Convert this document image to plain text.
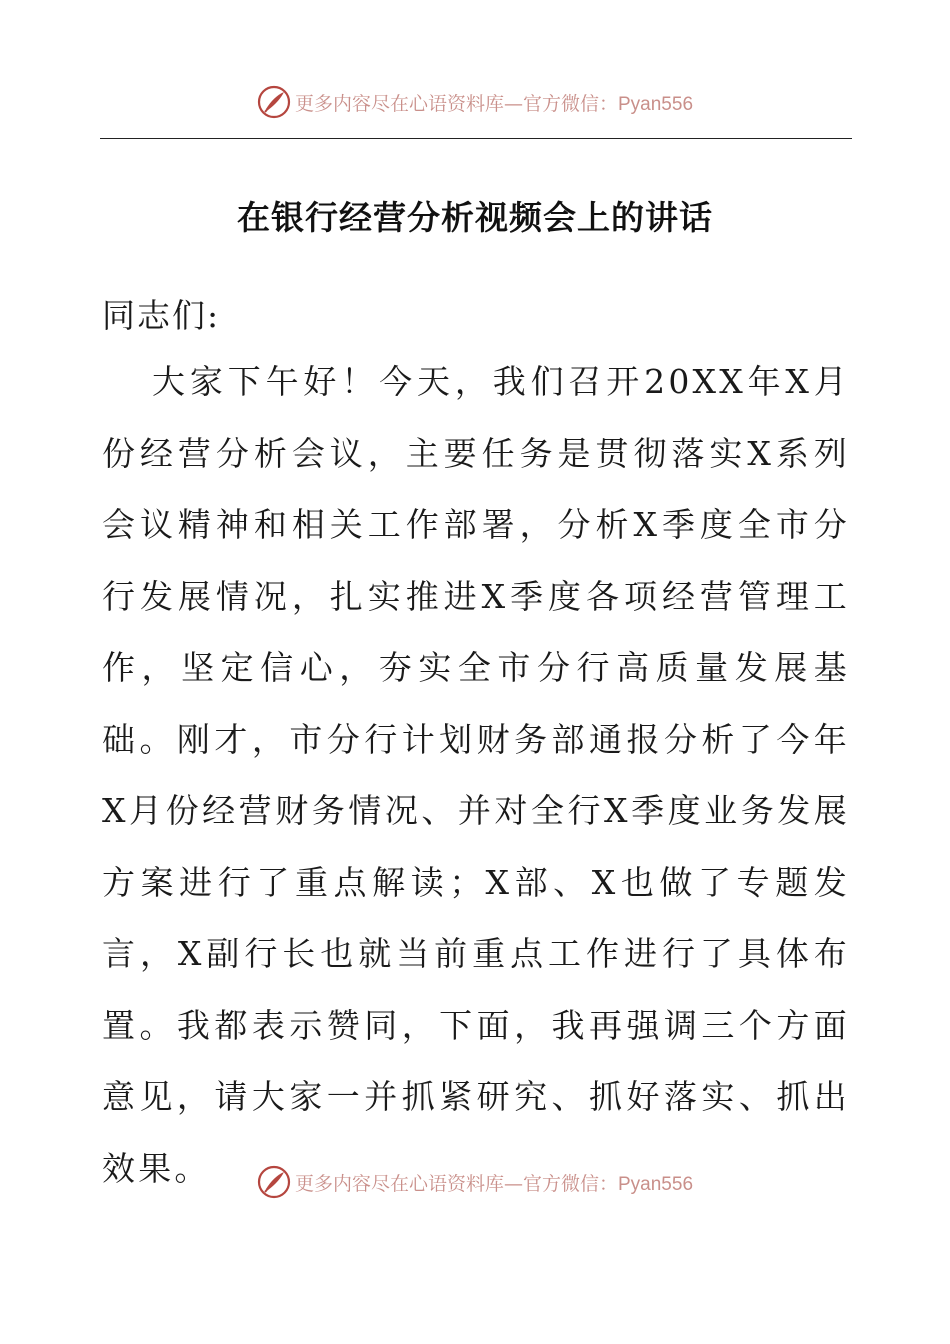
更多内容尽在心语资料库—官方微信：Pyan556
在银行经营分析视频会上的讲话
同志们:

大家下午好！今天，我们召开20XX年X月份经营分析会议，主要任务是贯彻落实X系列会议精神和相关工作部署，分析X季度全市分行发展情况，扎实推进X季度各项经营管理工作，坚定信心，夯实全市分行高质量发展基础。刚才，市分行计划财务部通报分析了今年X月份经营财务情况、并对全行X季度业务发展方案进行了重点解读；X部、X也做了专题发言，X副行长也就当前重点工作进行了具体布置。我都表示赞同，下面，我再强调三个方面意见，请大家一并抓紧研究、抓好落实、抓出效果。	更多内容尽在心语资料库—官方微信：Pyan556
